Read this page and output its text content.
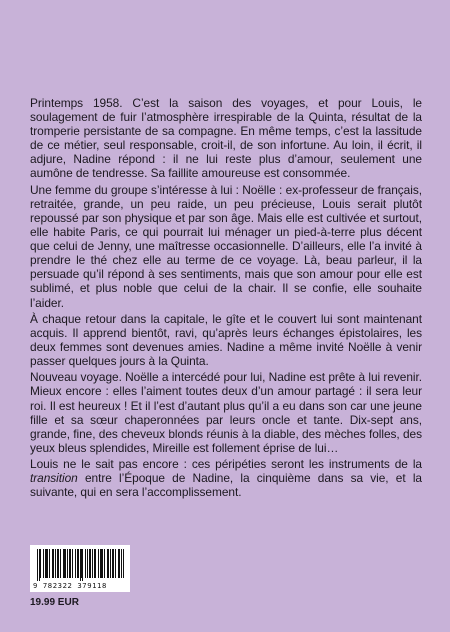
Printemps 1958. C’est la saison des voyages, et pour Louis, le soulagement de fuir l’atmosphère irrespirable de la Quinta, résultat de la tromperie persistante de sa compagne. En même temps, c’est la lassitude de ce métier, seul responsable, croit-il, de son infortune. Au loin, il écrit, il adjure, Nadine répond : il ne lui reste plus d’amour, seulement une aumône de tendresse. Sa faillite amoureuse est consommée.

Une femme du groupe s’intéresse à lui : Noëlle : ex-professeur de français, retraitée, grande, un peu raide, un peu précieuse, Louis serait plutôt repoussé par son physique et par son âge. Mais elle est cultivée et surtout, elle habite Paris, ce qui pourrait lui ménager un pied-à-terre plus décent que celui de Jenny, une maîtresse occasionnelle. D’ailleurs, elle l’a invité à prendre le thé chez elle au terme de ce voyage. Là, beau parleur, il la persuade qu’il répond à ses sentiments, mais que son amour pour elle est sublimé, et plus noble que celui de la chair. Il se confie, elle souhaite l’aider.

À chaque retour dans la capitale, le gîte et le couvert lui sont maintenant acquis. Il apprend bientôt, ravi, qu’après leurs échanges épistolaires, les deux femmes sont devenues amies. Nadine a même invité Noëlle à venir passer quelques jours à la Quinta.

Nouveau voyage. Noëlle a intercédé pour lui, Nadine est prête à lui revenir. Mieux encore : elles l’aiment toutes deux d’un amour partagé : il sera leur roi. Il est heureux ! Et il l’est d’autant plus qu’il a eu dans son car une jeune fille et sa sœur chaperonnées par leurs oncle et tante. Dix-sept ans, grande, fine, des cheveux blonds réunis à la diable, des mèches folles, des yeux bleus splendides, Mireille est follement éprise de lui…

Louis ne le sait pas encore : ces péripéties seront les instruments de la transition entre l’Époque de Nadine, la cinquième dans sa vie, et la suivante, qui en sera l’accomplissement.

9 782322 379118
19.99 EUR
